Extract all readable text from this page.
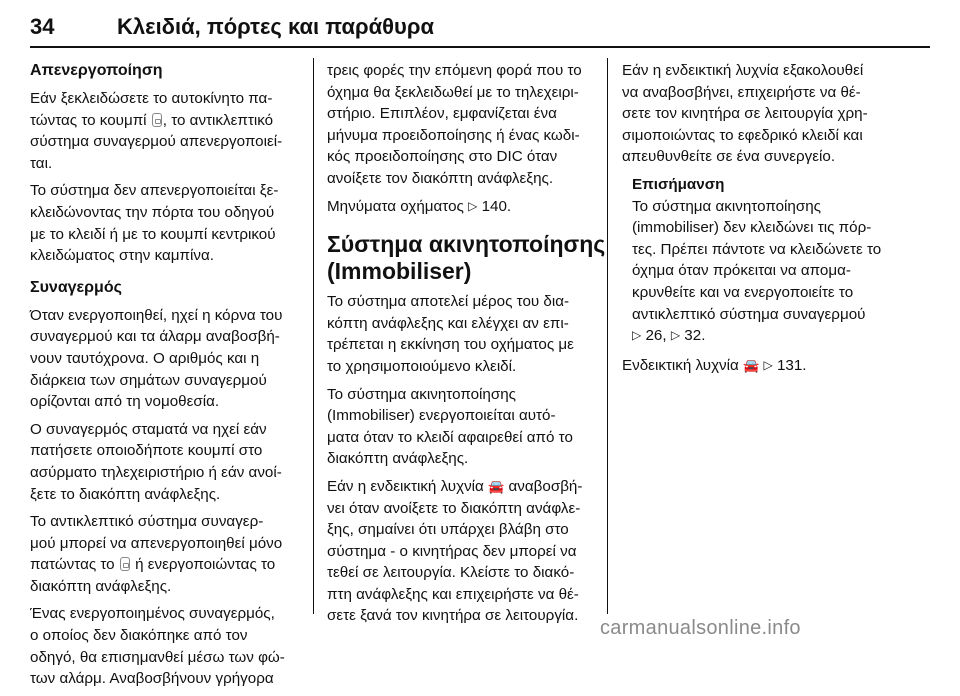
34	Κλειδιά, πόρτες και παράθυρα
Απενεργοποίηση

Εάν ξεκλειδώσετε το αυτοκίνητο πα-
τώντας το κουμπί , το αντικλεπτικό
σύστημα συναγερμού απενεργοποιεί-
ται.

Το σύστημα δεν απενεργοποιείται ξε-
κλειδώνοντας την πόρτα του οδηγού
με το κλειδί ή με το κουμπί κεντρικού
κλειδώματος στην καμπίνα.

Συναγερμός

Όταν ενεργοποιηθεί, ηχεί η κόρνα του
συναγερμού και τα άλαρμ αναβοσβή-
νουν ταυτόχρονα. Ο αριθμός και η
διάρκεια των σημάτων συναγερμού
ορίζονται από τη νομοθεσία.

Ο συναγερμός σταματά να ηχεί εάν
πατήσετε οποιοδήποτε κουμπί στο
ασύρματο τηλεχειριστήριο ή εάν ανοί-
ξετε το διακόπτη ανάφλεξης.

Το αντικλεπτικό σύστημα συναγερ-
μού μπορεί να απενεργοποιηθεί μόνο
πατώντας το  ή ενεργοποιώντας το
διακόπτη ανάφλεξης.

Ένας ενεργοποιημένος συναγερμός,
ο οποίος δεν διακόπηκε από τον
οδηγό, θα επισημανθεί μέσω των φώ-
των αλάρμ. Αναβοσβήνουν γρήγορα

τρεις φορές την επόμενη φορά που το
όχημα θα ξεκλειδωθεί με το τηλεχειρι-
στήριο. Επιπλέον, εμφανίζεται ένα
μήνυμα προειδοποίησης ή ένας κωδι-
κός προειδοποίησης στο DIC όταν
ανοίξετε τον διακόπτη ανάφλεξης.

Μηνύματα οχήματος ▷ 140.

Σύστημα ακινητοποίησης
(Immobiliser)

Το σύστημα αποτελεί μέρος του δια-
κόπτη ανάφλεξης και ελέγχει αν επι-
τρέπεται η εκκίνηση του οχήματος με
το χρησιμοποιούμενο κλειδί.

Το σύστημα ακινητοποίησης
(Immobiliser) ενεργοποιείται αυτό-
ματα όταν το κλειδί αφαιρεθεί από το
διακόπτη ανάφλεξης.

Εάν η ενδεικτική λυχνία 🚘 αναβοσβή-
νει όταν ανοίξετε το διακόπτη ανάφλε-
ξης, σημαίνει ότι υπάρχει βλάβη στο
σύστημα - ο κινητήρας δεν μπορεί να
τεθεί σε λειτουργία. Κλείστε το διακό-
πτη ανάφλεξης και επιχειρήστε να θέ-
σετε ξανά τον κινητήρα σε λειτουργία.

Εάν η ενδεικτική λυχνία εξακολουθεί
να αναβοσβήνει, επιχειρήστε να θέ-
σετε τον κινητήρα σε λειτουργία χρη-
σιμοποιώντας το εφεδρικό κλειδί και
απευθυνθείτε σε ένα συνεργείο.

Επισήμανση
Το σύστημα ακινητοποίησης
(immobiliser) δεν κλειδώνει τις πόρ-
τες. Πρέπει πάντοτε να κλειδώνετε το
όχημα όταν πρόκειται να απομα-
κρυνθείτε και να ενεργοποιείτε το
αντικλεπτικό σύστημα συναγερμού
▷ 26, ▷ 32.

Ενδεικτική λυχνία 🚘 ▷ 131.

carmanualsonline.info
